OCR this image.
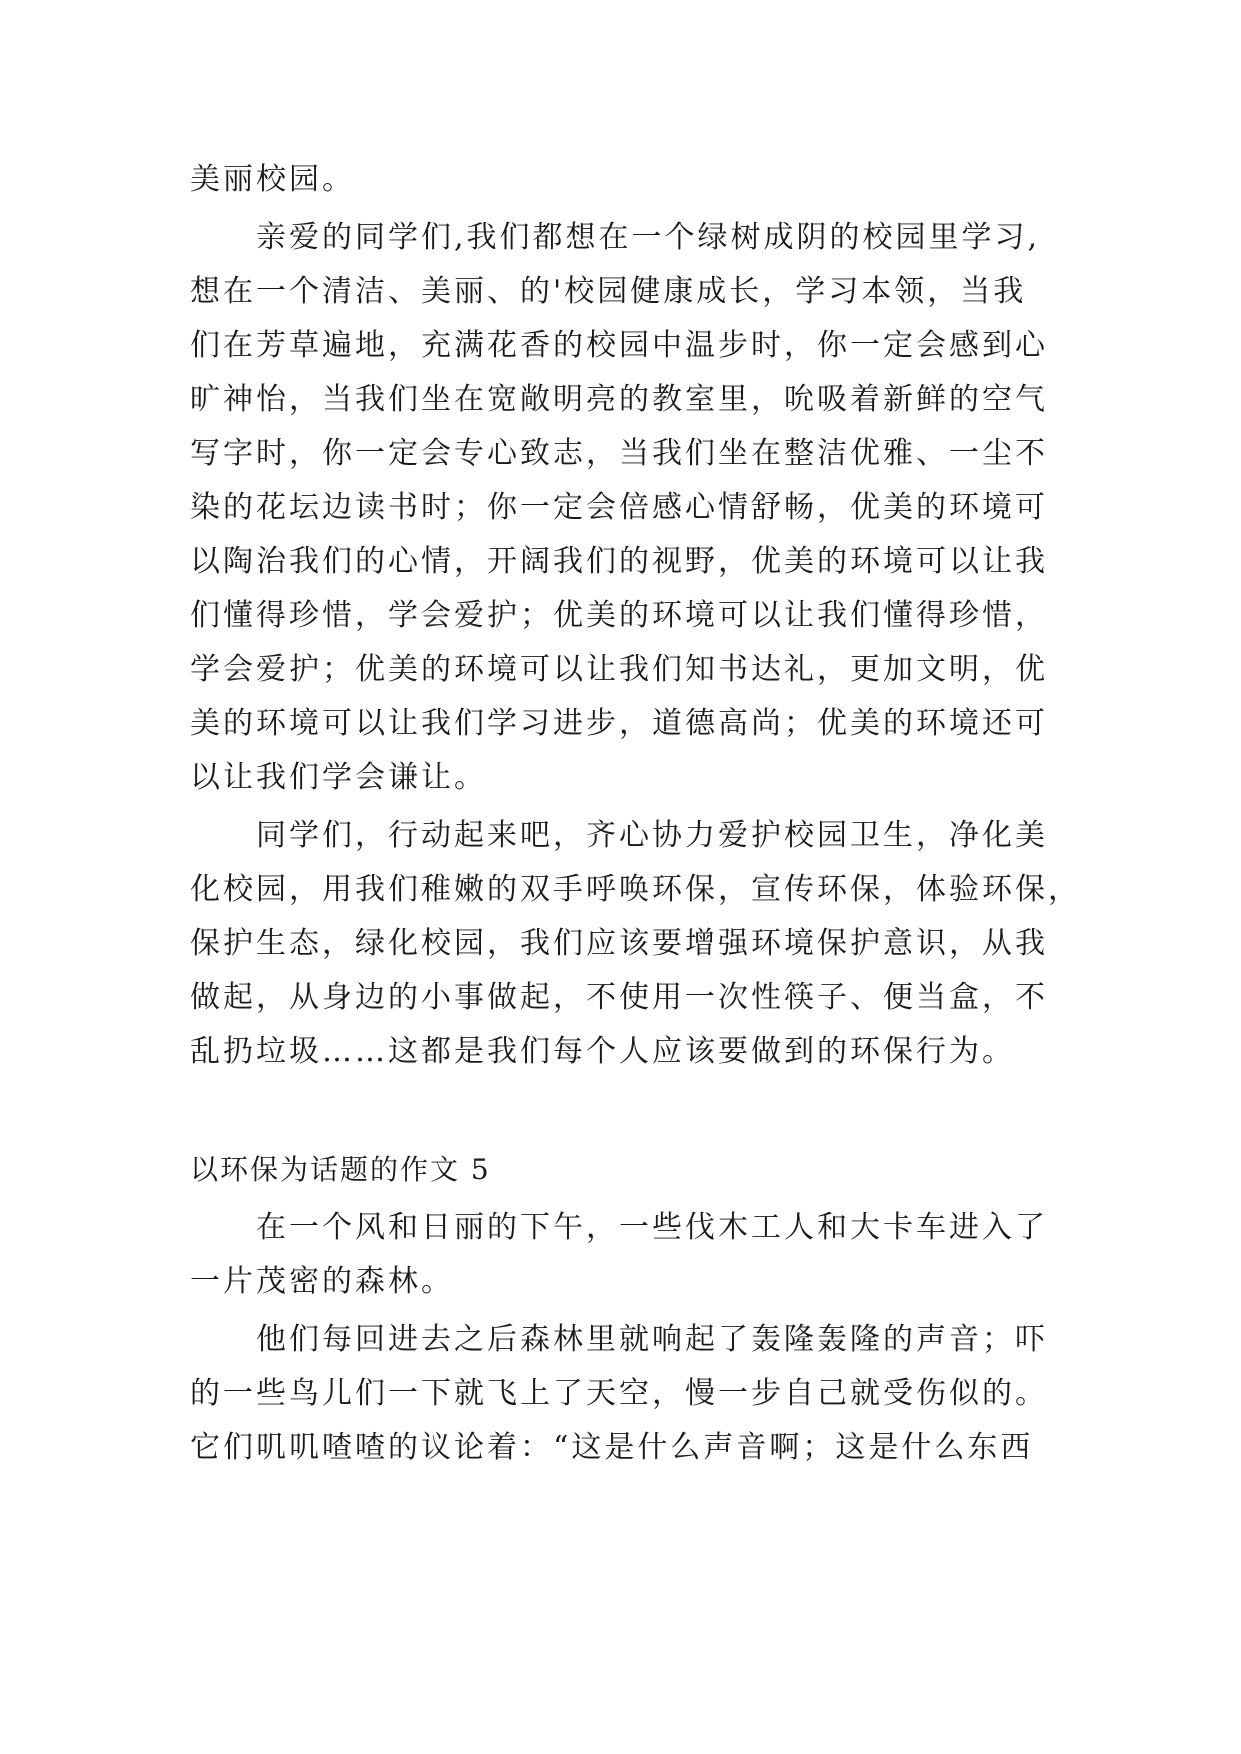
美丽校园。

亲爱的同学们,我们都想在一个绿树成阴的校园里学习,

想在一个清洁、美丽、的'校园健康成长，学习本领，当我

们在芳草遍地，充满花香的校园中温步时，你一定会感到心

旷神怡，当我们坐在宽敞明亮的教室里，吮吸着新鲜的空气

写字时，你一定会专心致志，当我们坐在整洁优雅、一尘不

染的花坛边读书时；你一定会倍感心情舒畅，优美的环境可

以陶治我们的心情，开阔我们的视野，优美的环境可以让我

们懂得珍惜，学会爱护；优美的环境可以让我们懂得珍惜，

学会爱护；优美的环境可以让我们知书达礼，更加文明，优

美的环境可以让我们学习进步，道德高尚；优美的环境还可

以让我们学会谦让。

同学们，行动起来吧，齐心协力爱护校园卫生，净化美

化校园，用我们稚嫩的双手呼唤环保，宣传环保，体验环保，

保护生态，绿化校园，我们应该要增强环境保护意识，从我

做起，从身边的小事做起，不使用一次性筷子、便当盒，不

乱扔垃圾……这都是我们每个人应该要做到的环保行为。

以环保为话题的作文 5

在一个风和日丽的下午，一些伐木工人和大卡车进入了

一片茂密的森林。

他们每回进去之后森林里就响起了轰隆轰隆的声音；吓

的一些鸟儿们一下就飞上了天空，慢一步自己就受伤似的。

它们叽叽喳喳的议论着：“这是什么声音啊；这是什么东西
